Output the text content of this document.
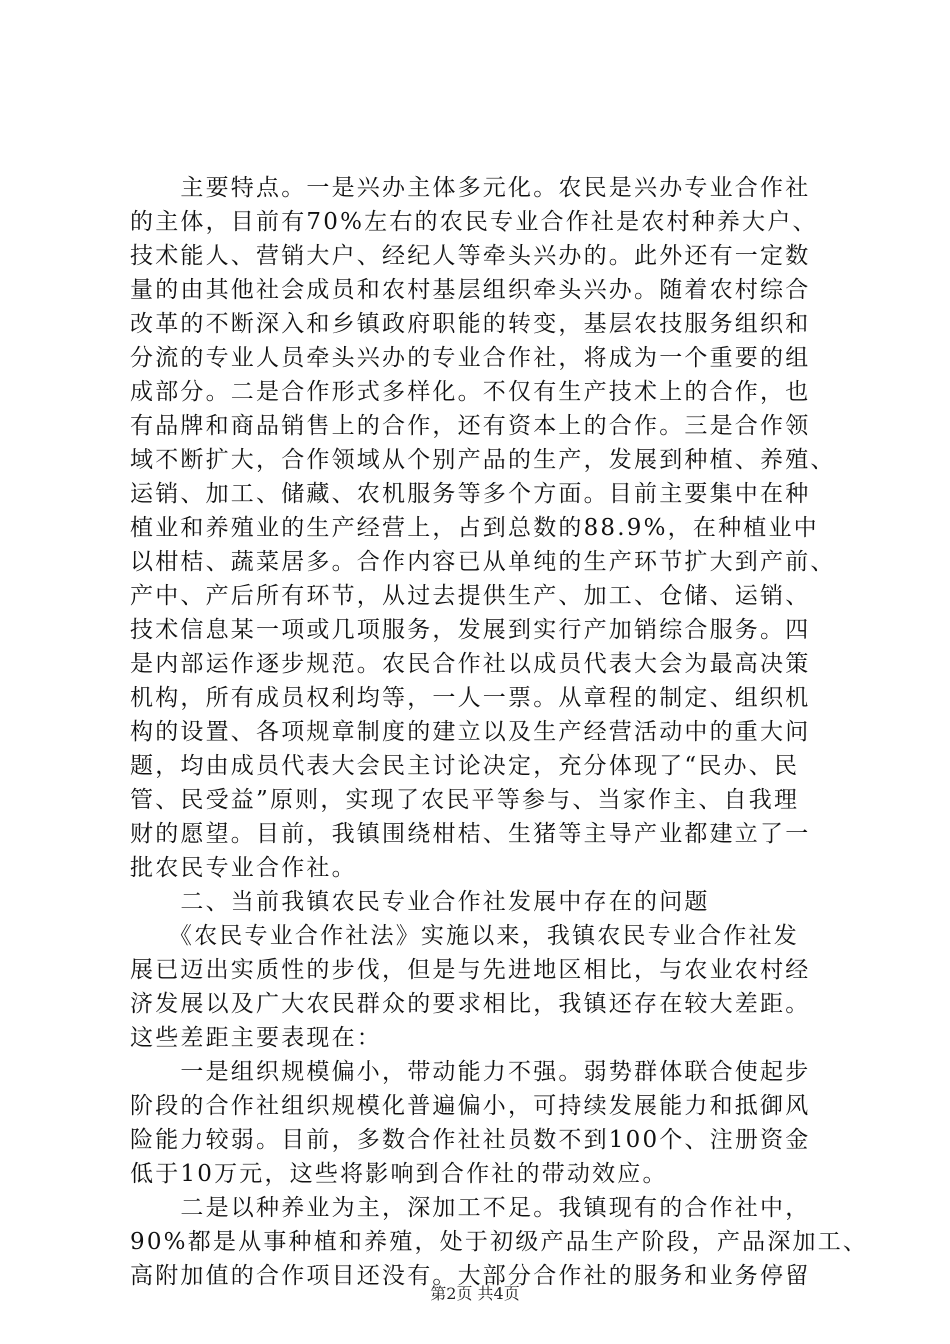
　　主要特点。一是兴办主体多元化。农民是兴办专业合作社
的主体，目前有70%左右的农民专业合作社是农村种养大户、
技术能人、营销大户、经纪人等牵头兴办的。此外还有一定数
量的由其他社会成员和农村基层组织牵头兴办。随着农村综合
改革的不断深入和乡镇政府职能的转变，基层农技服务组织和
分流的专业人员牵头兴办的专业合作社，将成为一个重要的组
成部分。二是合作形式多样化。不仅有生产技术上的合作，也
有品牌和商品销售上的合作，还有资本上的合作。三是合作领
域不断扩大，合作领域从个别产品的生产，发展到种植、养殖、
运销、加工、储藏、农机服务等多个方面。目前主要集中在种
植业和养殖业的生产经营上，占到总数的88.9%，在种植业中
以柑桔、蔬菜居多。合作内容已从单纯的生产环节扩大到产前、
产中、产后所有环节，从过去提供生产、加工、仓储、运销、
技术信息某一项或几项服务，发展到实行产加销综合服务。四
是内部运作逐步规范。农民合作社以成员代表大会为最高决策
机构，所有成员权利均等，一人一票。从章程的制定、组织机
构的设置、各项规章制度的建立以及生产经营活动中的重大问
题，均由成员代表大会民主讨论决定，充分体现了“民办、民
管、民受益”原则，实现了农民平等参与、当家作主、自我理
财的愿望。目前，我镇围绕柑桔、生猪等主导产业都建立了一
批农民专业合作社。
　　二、当前我镇农民专业合作社发展中存在的问题
　　《农民专业合作社法》实施以来，我镇农民专业合作社发
展已迈出实质性的步伐，但是与先进地区相比，与农业农村经
济发展以及广大农民群众的要求相比，我镇还存在较大差距。
这些差距主要表现在：
　　一是组织规模偏小，带动能力不强。弱势群体联合使起步
阶段的合作社组织规模化普遍偏小，可持续发展能力和抵御风
险能力较弱。目前，多数合作社社员数不到100个、注册资金
低于10万元，这些将影响到合作社的带动效应。
　　二是以种养业为主，深加工不足。我镇现有的合作社中，
90%都是从事种植和养殖，处于初级产品生产阶段，产品深加工、
高附加值的合作项目还没有。大部分合作社的服务和业务停留
第2页 共4页
